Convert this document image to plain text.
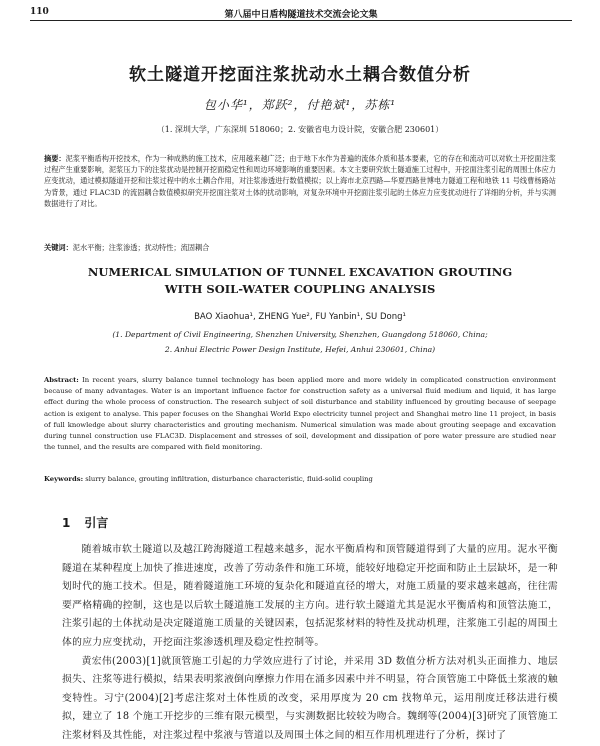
110	第八届中日盾构隧道技术交流会论文集
软土隧道开挖面注浆扰动水土耦合数值分析
包小华¹，郑跃²，付艳斌¹，苏栋¹
（1. 深圳大学，广东深圳 518060；2. 安徽省电力设计院，安徽合肥 230601）
摘要：泥浆平衡盾构开挖技术，作为一种成熟的施工技术，应用越来越广泛；由于地下水作为普遍的流体介质和基本要素，它的存在和流动可以对软土开挖面注浆过程产生重要影响，泥浆压力下的注浆扰动是控制开挖面稳定性和周边环境影响的重要因素。本文主要研究软土隧道施工过程中，开挖面注浆引起的周围土体应力应变扰动，通过模拟隧道开挖和注浆过程中的水土耦合作用，对注浆渗透进行数值模拟；以上海市北京西路—华夏西路世博电力隧道工程和地铁 11 号线曹杨路站为背景，通过 FLAC3D 的流固耦合数值模拟研究开挖面注浆对土体的扰动影响，对复杂环境中开挖面注浆引起的土体应力应变扰动进行了详细的分析，并与实测数据进行了对比。
关键词：泥水平衡；注浆渗透；扰动特性；流固耦合
NUMERICAL SIMULATION OF TUNNEL EXCAVATION GROUTING
WITH SOIL-WATER COUPLING ANALYSIS
BAO Xiaohua¹, ZHENG Yue², FU Yanbin¹, SU Dong¹
(1. Department of Civil Engineering, Shenzhen University, Shenzhen, Guangdong 518060, China;
2. Anhui Electric Power Design Institute, Hefei, Anhui 230601, China)
Abstract: In recent years, slurry balance tunnel technology has been applied more and more widely in complicated construction environment because of many advantages. Water is an important influence factor for construction safety as a universal fluid medium and liquid, it has large effect during the whole process of construction. The research subject of soil disturbance and stability influenced by grouting because of seepage action is exigent to analyse. This paper focuses on the Shanghai World Expo electricity tunnel project and Shanghai metro line 11 project, in basis of full knowledge about slurry characteristics and grouting mechanism. Numerical simulation was made about grouting seepage and excavation during tunnel construction use FLAC3D. Displacement and stresses of soil, development and dissipation of pore water pressure are studied near the tunnel, and the results are compared with field monitoring.
Keywords: slurry balance, grouting infiltration, disturbance characteristic, fluid-solid coupling
1 引言

随着城市软土隧道以及越江跨海隧道工程越来越多，泥水平衡盾构和顶管隧道得到了大量的应用。泥水平衡隧道在某种程度上加快了推进速度，改善了劳动条件和施工环境，能较好地稳定开挖面和防止土层缺坏，是一种划时代的施工技术。但是，随着隧道施工环境的复杂化和隧道直径的增大，对施工质量的要求越来越高，往往需要严格精确的控制，这也是以后软土隧道施工发展的主方向。进行软土隧道尤其是泥水平衡盾构和顶管法施工，注浆引起的土体扰动是决定隧道施工质量的关键因素，包括泥浆材料的特性及扰动机理，注浆施工引起的周围土体的应力应变扰动，开挖面注浆渗透机理及稳定性控制等。

黄宏伟(2003)[1]就顶管施工引起的力学效应进行了讨论，并采用 3D 数值分析方法对机头正面推力、地层损失、注浆等进行模拟，结果表明浆液倒向摩擦力作用在涌多因素中并不明显，符合顶管施工中降低土浆液的触变特性。习宁(2004)[2]考虑注浆对土体性质的改变，采用厚度为 20 cm 找物单元，运用削度迁移法进行模拟，建立了 18 个施工开挖步的三维有限元模型，与实测数据比较较为吻合。魏纲等(2004)[3]研究了顶管施工注浆材料及其性能，对注浆过程中浆液与管道以及周围土体之间的相互作用机理进行了分析，探讨了
